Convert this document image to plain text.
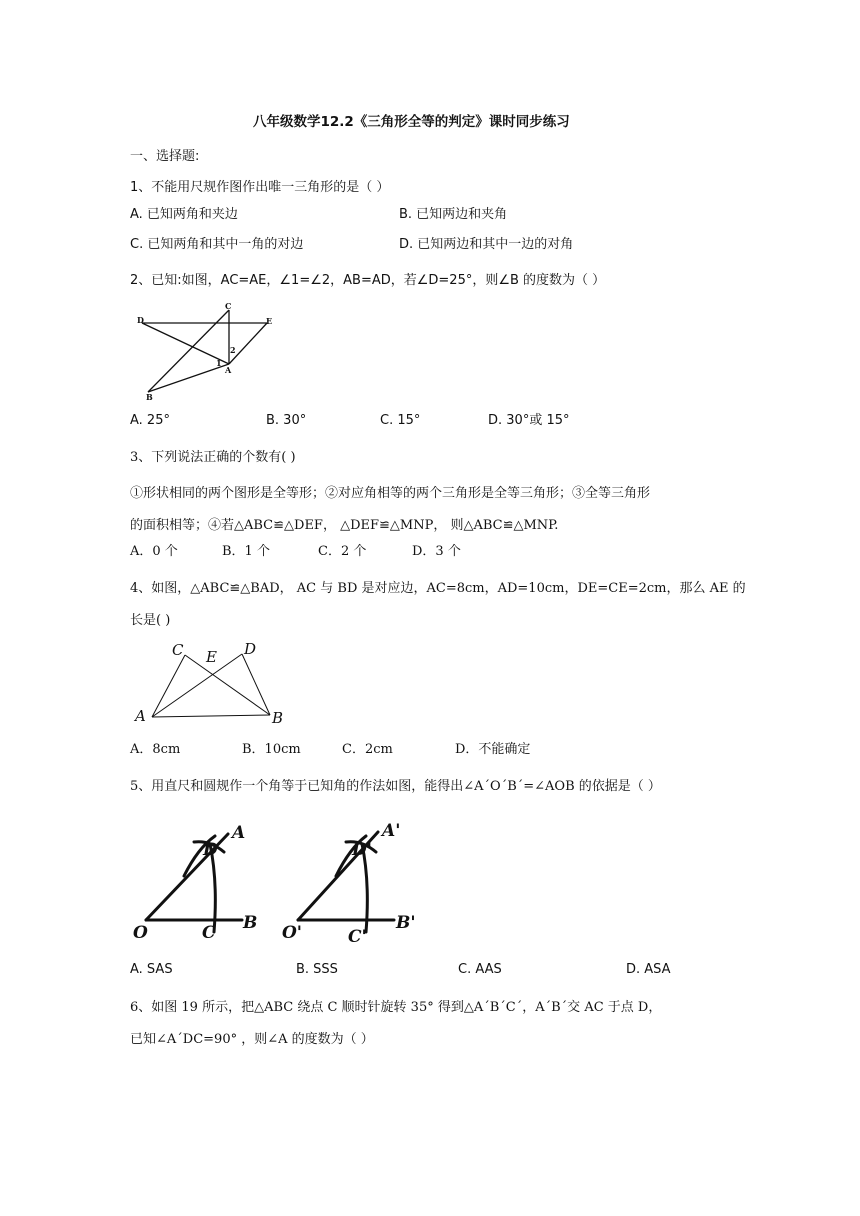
八年级数学12.2《三角形全等的判定》课时同步练习
一、选择题:
1、不能用尺规作图作出唯一三角形的是（ ）
A. 已知两角和夹边	B. 已知两边和夹角
C. 已知两角和其中一角的对边	D. 已知两边和其中一边的对角
2、已知:如图，AC=AE，∠1=∠2，AB=AD，若∠D=25°，则∠B 的度数为（ ）
C
D	E
2
1
A
B
A. 25°	B. 30°	C. 15°	D. 30°或 15°
3、下列说法正确的个数有( )
①形状相同的两个图形是全等形；②对应角相等的两个三角形是全等三角形；③全等三角形
的面积相等；④若△ABC≌△DEF， △DEF≌△MNP， 则△ABC≌△MNP.
A．0 个	B．1 个	C．2 个	D．3 个
4、如图，△ABC≌△BAD， AC 与 BD 是对应边，AC=8cm，AD=10cm，DE=CE=2cm，那么 AE 的
长是( )
C E D
A	B
A．8cm	B．10cm	C．2cm	D．不能确定
5、用直尺和圆规作一个角等于已知角的作法如图，能得出∠A´O´B´=∠AOB 的依据是（ ）
D
A
O	C B
D'
A'
O'	C'
B'
A. SAS	B. SSS	C. AAS	D. ASA
6、如图 19 所示，把△ABC 绕点 C 顺时针旋转 35° 得到△A´B´C´，A´B´交 AC 于点 D，
已知∠A´DC=90° ，则∠A 的度数为（ ）
